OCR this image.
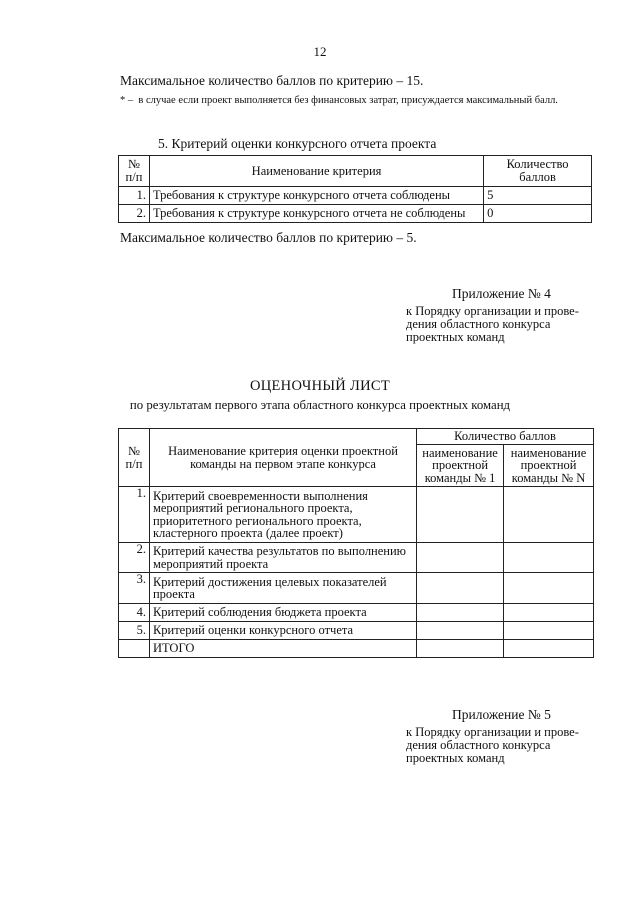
12
Максимальное количество баллов по критерию – 15.
* – в случае если проект выполняется без финансовых затрат, присуждается максимальный балл.
5. Критерий оценки конкурсного отчета проекта
№ п/п	Наименование критерия	Количество баллов
1.	Требования к структуре конкурсного отчета соблюдены	5
2.	Требования к структуре конкурсного отчета не соблюдены	0
Максимальное количество баллов по критерию – 5.
Приложение № 4
к Порядку организации и прове- дения областного конкурса проектных команд
ОЦЕНОЧНЫЙ ЛИСТ
по результатам первого этапа областного конкурса проектных команд
№ п/п	Наименование критерия оценки проектной команды на первом этапе конкурса	Количество баллов	
		наименование проектной команды № 1	наименование проектной команды № N
1.	Критерий своевременности выполнения мероприятий регионального проекта, приоритетного регионального проекта, кластерного проекта (далее проект)		
2.	Критерий качества результатов по выполнению мероприятий проекта		
3.	Критерий достижения целевых показателей проекта		
4.	Критерий соблюдения бюджета проекта		
5.	Критерий оценки конкурсного отчета		
	ИТОГО		
Приложение № 5
к Порядку организации и прове- дения областного конкурса проектных команд
